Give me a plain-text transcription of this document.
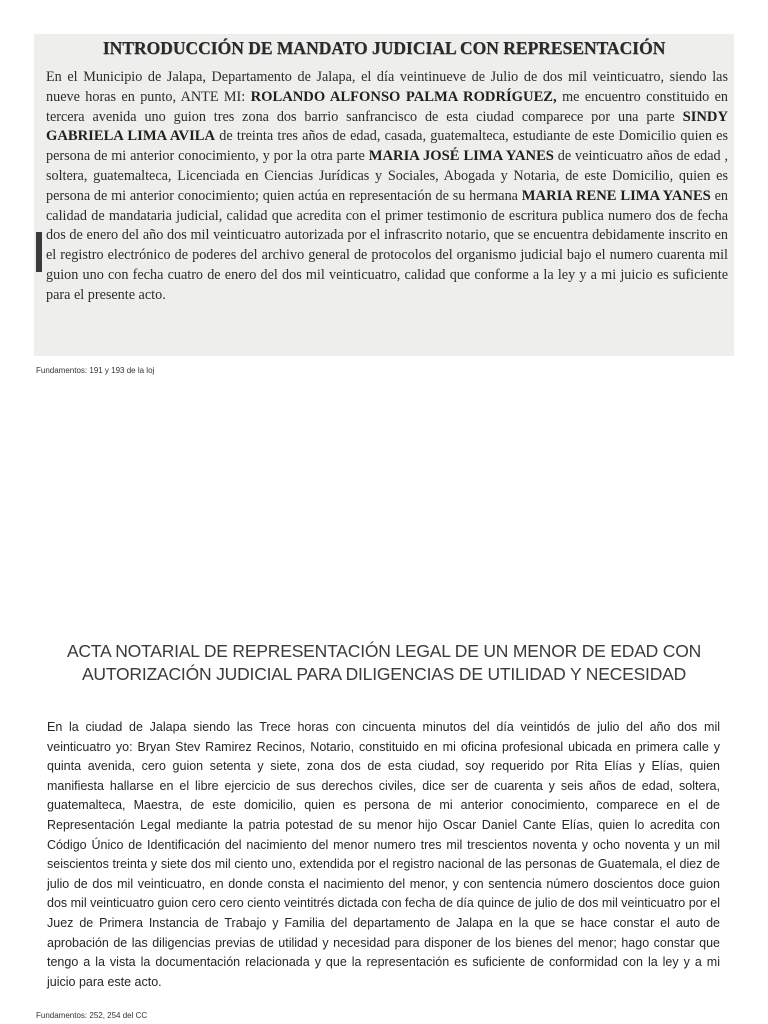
INTRODUCCIÓN DE MANDATO JUDICIAL CON REPRESENTACIÓN
En el Municipio de Jalapa, Departamento de Jalapa, el día veintinueve de Julio de dos mil veinticuatro, siendo las nueve horas en punto, ANTE MI: ROLANDO ALFONSO PALMA RODRÍGUEZ, me encuentro constituido en tercera avenida uno guion tres zona dos barrio sanfrancisco de esta ciudad comparece por una parte SINDY GABRIELA LIMA AVILA de treinta tres años de edad, casada, guatemalteca, estudiante de este Domicilio quien es persona de mi anterior conocimiento, y por la otra parte MARIA JOSÉ LIMA YANES de veinticuatro años de edad , soltera, guatemalteca, Licenciada en Ciencias Jurídicas y Sociales, Abogada y Notaria, de este Domicilio, quien es persona de mi anterior conocimiento; quien actúa en representación de su hermana MARIA RENE LIMA YANES en calidad de mandataria judicial, calidad que acredita con el primer testimonio de escritura publica numero dos de fecha dos de enero del año dos mil veinticuatro autorizada por el infrascrito notario, que se encuentra debidamente inscrito en el registro electrónico de poderes del archivo general de protocolos del organismo judicial bajo el numero cuarenta mil guion uno con fecha cuatro de enero del dos mil veinticuatro, calidad que conforme a la ley y a mi juicio es suficiente para el presente acto.
Fundamentos: 191 y 193 de la loj
ACTA NOTARIAL DE REPRESENTACIÓN LEGAL DE UN MENOR DE EDAD CON AUTORIZACIÓN JUDICIAL PARA DILIGENCIAS DE UTILIDAD Y NECESIDAD
En la ciudad de Jalapa siendo las Trece horas con cincuenta minutos del día veintidós de julio del año dos mil veinticuatro yo: Bryan Stev Ramirez Recinos, Notario, constituido en mi oficina profesional ubicada en primera calle y quinta avenida, cero guion setenta y siete, zona dos de esta ciudad, soy requerido por Rita Elías y Elías, quien manifiesta hallarse en el libre ejercicio de sus derechos civiles, dice ser de cuarenta y seis años de edad, soltera, guatemalteca, Maestra, de este domicilio, quien es persona de mi anterior conocimiento, comparece en el de Representación Legal mediante la patria potestad de su menor hijo Oscar Daniel Cante Elías, quien lo acredita con Código Único de Identificación del nacimiento del menor numero tres mil trescientos noventa y ocho noventa y un mil seiscientos treinta y siete dos mil ciento uno, extendida por el registro nacional de las personas de Guatemala, el diez de julio de dos mil veinticuatro, en donde consta el nacimiento del menor, y con sentencia número doscientos doce guion dos mil veinticuatro guion cero cero ciento veintitrés dictada con fecha de día quince de julio de dos mil veinticuatro por el Juez de Primera Instancia de Trabajo y Familia del departamento de Jalapa en la que se hace constar el auto de aprobación de las diligencias previas de utilidad y necesidad para disponer de los bienes del menor; hago constar que tengo a la vista la documentación relacionada y que la representación es suficiente de conformidad con la ley y a mi juicio para este acto.
Fundamentos: 252, 254 del CC
